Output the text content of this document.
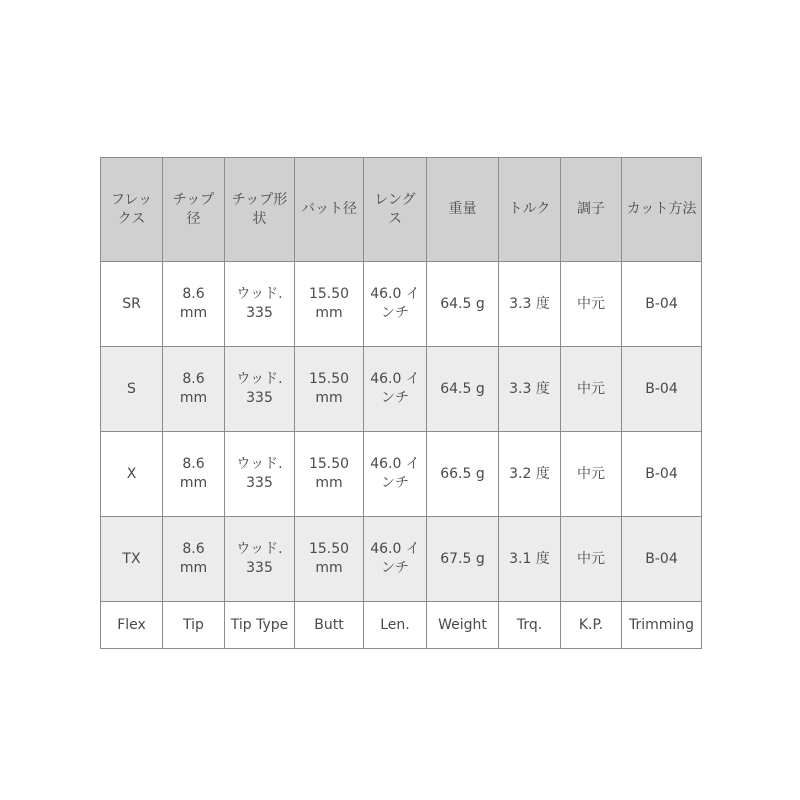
フレックス	チップ径	チップ形状	バット径	レングス	重量	トルク	調子	カット方法
SR	8.6 mm	ウッド.335	15.50 mm	46.0 インチ	64.5 g	3.3 度	中元	B-04
S	8.6 mm	ウッド.335	15.50 mm	46.0 インチ	64.5 g	3.3 度	中元	B-04
X	8.6 mm	ウッド.335	15.50 mm	46.0 インチ	66.5 g	3.2 度	中元	B-04
TX	8.6 mm	ウッド.335	15.50 mm	46.0 インチ	67.5 g	3.1 度	中元	B-04
Flex	Tip	Tip Type	Butt	Len.	Weight	Trq.	K.P.	Trimming
